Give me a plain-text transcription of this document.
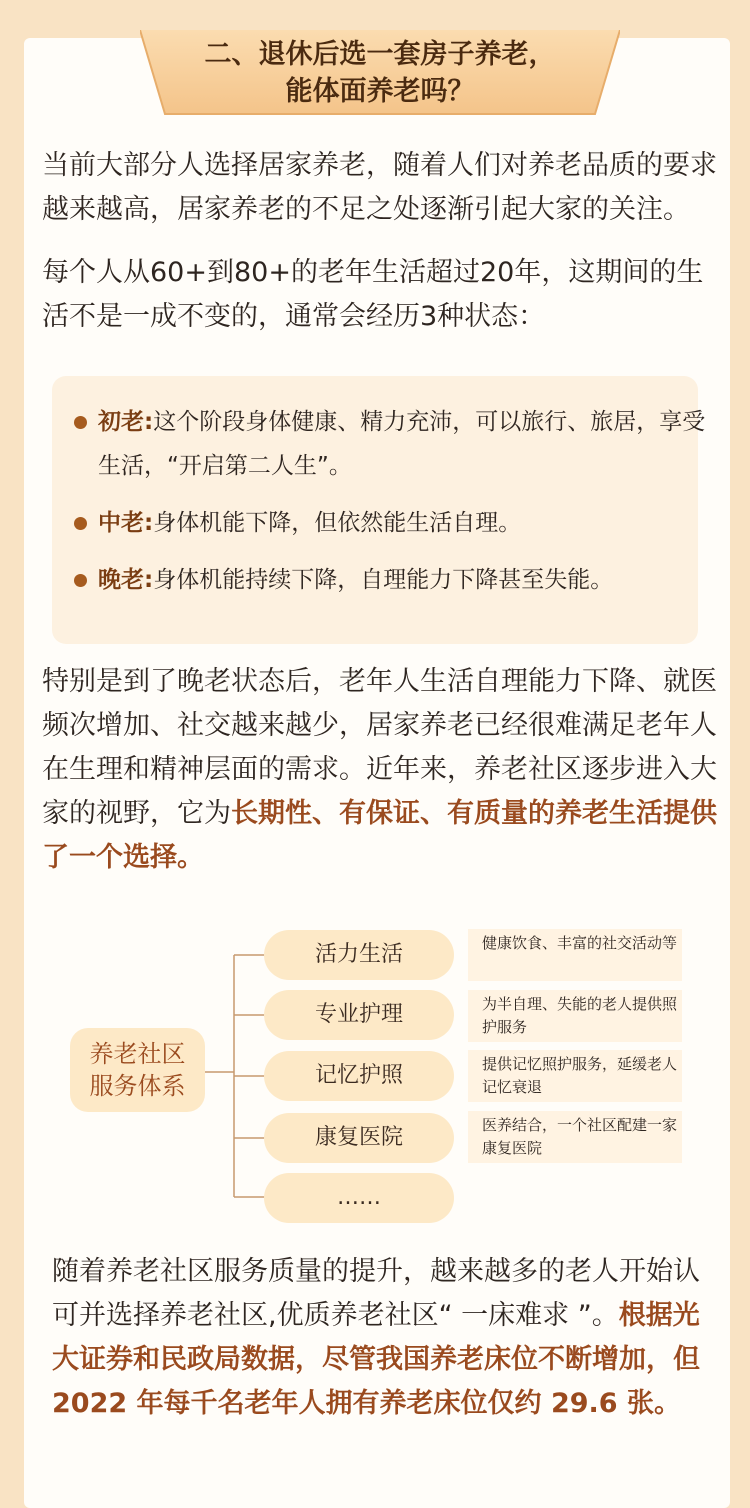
二、退休后选一套房子养老，
能体面养老吗？

当前大部分人选择居家养老，随着人们对养老品质的要求越来越高，居家养老的不足之处逐渐引起大家的关注。

每个人从60+到80+的老年生活超过20年，这期间的生活不是一成不变的，通常会经历3种状态：

初老:这个阶段身体健康、精力充沛，可以旅行、旅居，享受生活，“开启第二人生”。
中老:身体机能下降，但依然能生活自理。
晚老:身体机能持续下降，自理能力下降甚至失能。

特别是到了晚老状态后，老年人生活自理能力下降、就医频次增加、社交越来越少，居家养老已经很难满足老年人在生理和精神层面的需求。近年来，养老社区逐步进入大家的视野，它为长期性、有保证、有质量的养老生活提供了一个选择。

养老社区
服务体系
活力生活
专业护理
记忆护照
康复医院
……
健康饮食、丰富的社交活动等
为半自理、失能的老人提供照护服务
提供记忆照护服务，延缓老人记忆衰退
医养结合，一个社区配建一家康复医院

随着养老社区服务质量的提升，越来越多的老人开始认可并选择养老社区,优质养老社区“ 一床难求 ”。根据光大证券和民政局数据，尽管我国养老床位不断增加，但 2022 年每千名老年人拥有养老床位仅约 29.6 张。
